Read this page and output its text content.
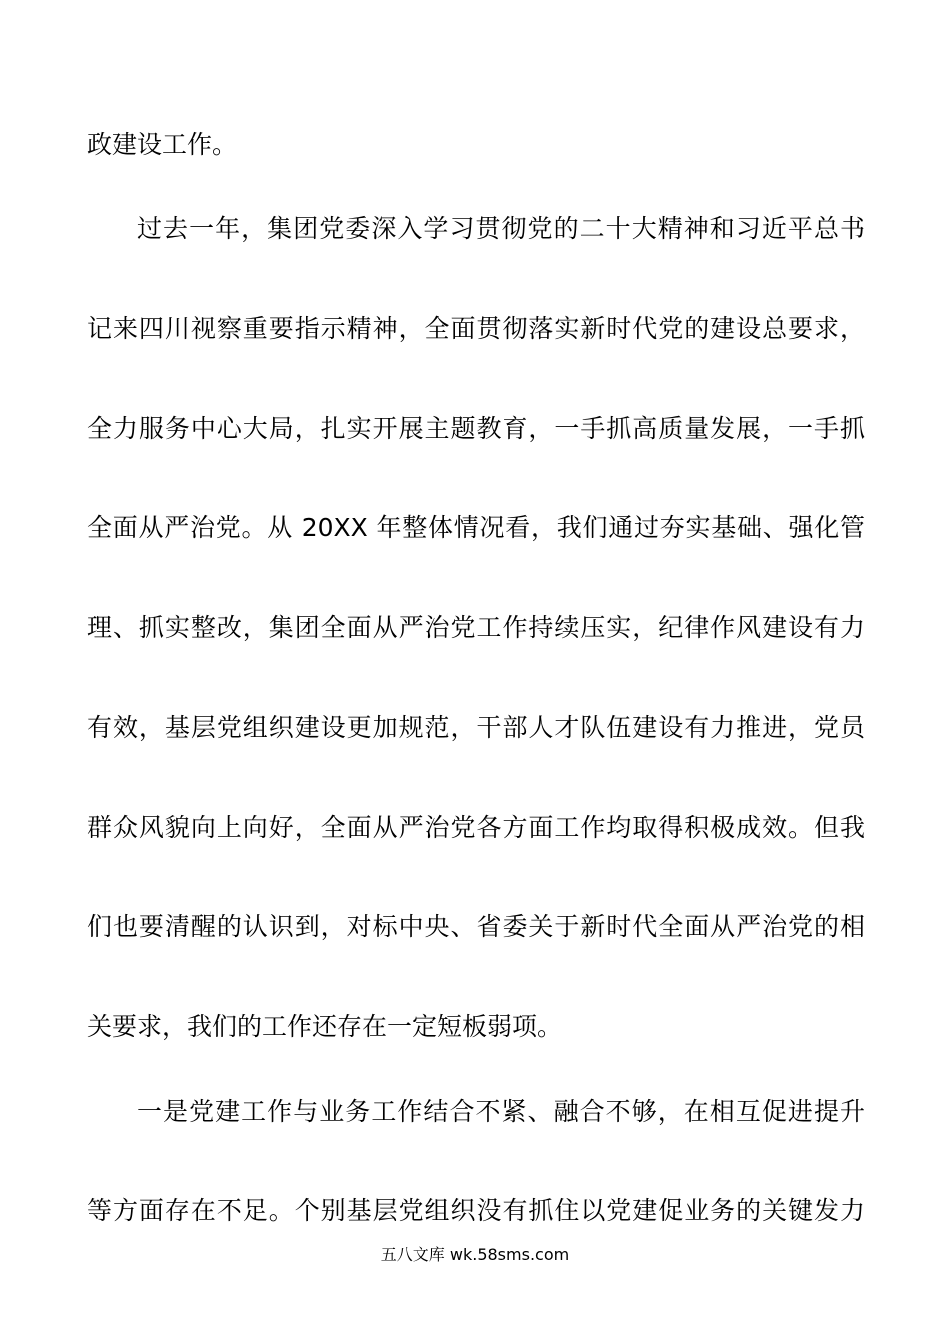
政建设工作。
过去一年，集团党委深入学习贯彻党的二十大精神和习近平总书
记来四川视察重要指示精神，全面贯彻落实新时代党的建设总要求，
全力服务中心大局，扎实开展主题教育，一手抓高质量发展，一手抓
全面从严治党。从 20XX 年整体情况看，我们通过夯实基础、强化管
理、抓实整改，集团全面从严治党工作持续压实，纪律作风建设有力
有效，基层党组织建设更加规范，干部人才队伍建设有力推进，党员
群众风貌向上向好，全面从严治党各方面工作均取得积极成效。但我
们也要清醒的认识到，对标中央、省委关于新时代全面从严治党的相
关要求，我们的工作还存在一定短板弱项。
一是党建工作与业务工作结合不紧、融合不够，在相互促进提升
等方面存在不足。个别基层党组织没有抓住以党建促业务的关键发力
五八文库 wk.58sms.com
